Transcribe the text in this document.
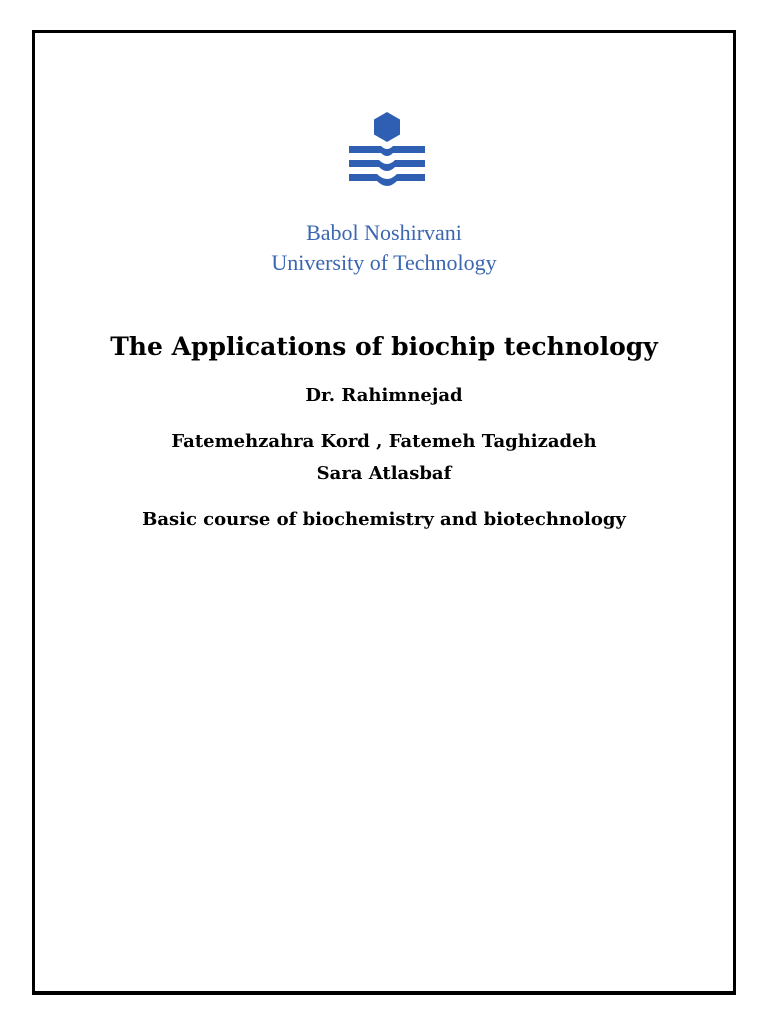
Babol Noshirvani
University of Technology
The Applications of biochip technology
Dr. Rahimnejad
Fatemehzahra Kord , Fatemeh Taghizadeh
Sara Atlasbaf
Basic course of biochemistry and biotechnology
